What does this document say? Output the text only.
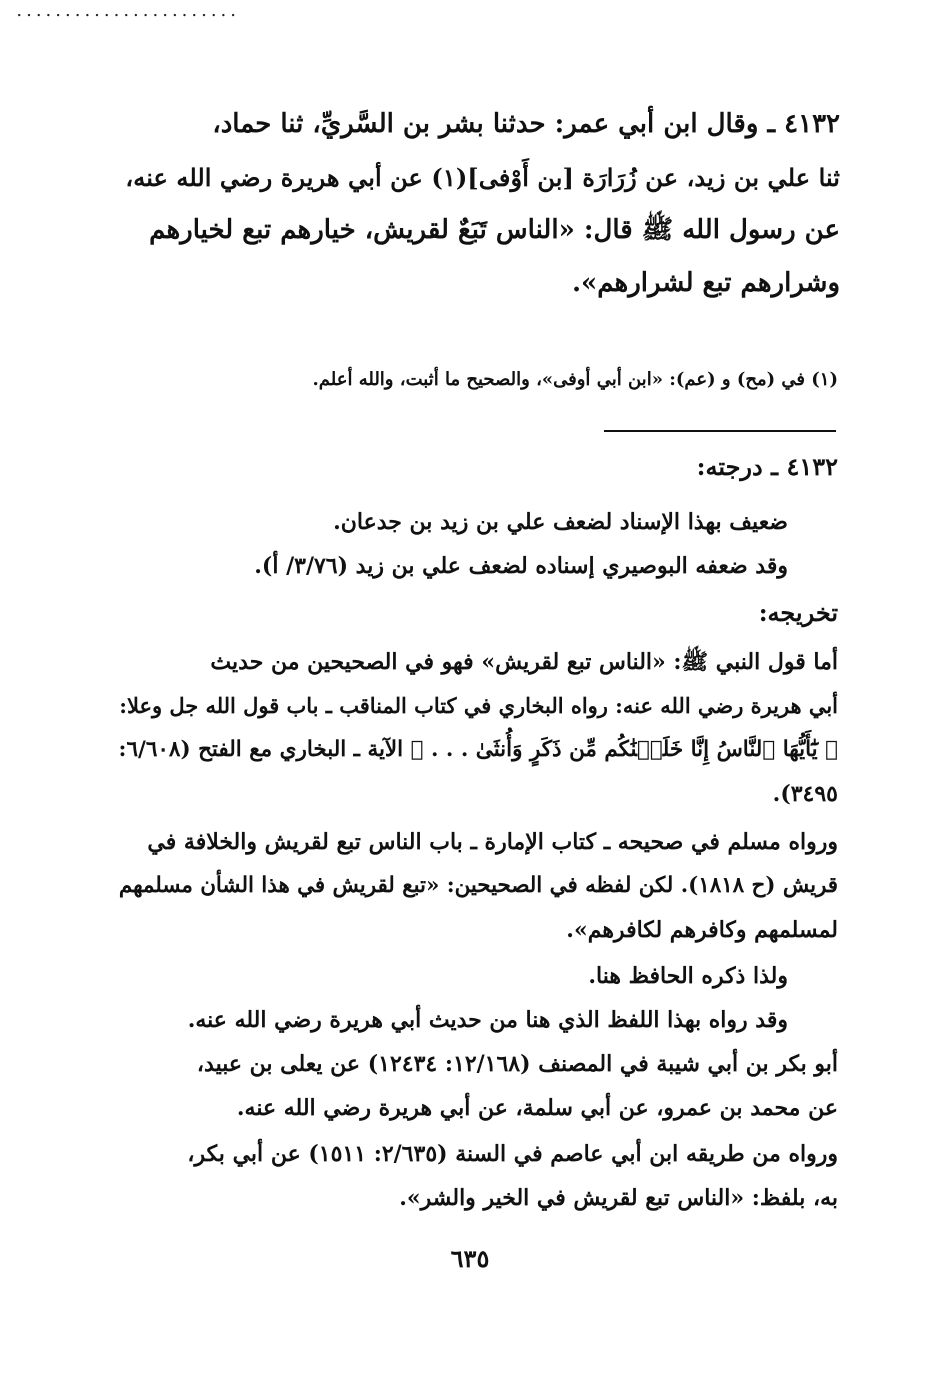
٤١٣٢ ـ وقال ابن أبي عمر: حدثنا بشر بن السَّريِّ، ثنا حماد،
ثنا علي بن زيد، عن زُرَارَة [بن أَوْفى](١) عن أبي هريرة رضي الله عنه،
عن رسول الله ﷺ قال: «الناس تَبَعٌ لقريش، خيارهم تبع لخيارهم
وشرارهم تبع لشرارهم».
.......................
(١) في (مح) و (عم): «ابن أبي أوفى»، والصحيح ما أثبت، والله أعلم.
٤١٣٢ ـ درجته:
ضعيف بهذا الإسناد لضعف علي بن زيد بن جدعان.
وقد ضعفه البوصيري إسناده لضعف علي بن زيد (٣/٧٦/ أ).
تخريجه:
أما قول النبي ﷺ: «الناس تبع لقريش» فهو في الصحيحين من حديث
أبي هريرة رضي الله عنه: رواه البخاري في كتاب المناقب ـ باب قول الله جل وعلا:
﴿ يَٰٓأَيُّهَا ٱلنَّاسُ إِنَّا خَلَقۡنَٰكُم مِّن ذَكَرٍ وَأُنثَىٰ . . . ﴾ الآية ـ البخاري مع الفتح (٦/٦٠٨:
٣٤٩٥).
ورواه مسلم في صحيحه ـ كتاب الإمارة ـ باب الناس تبع لقريش والخلافة في
قريش (ح ١٨١٨). لكن لفظه في الصحيحين: «تبع لقريش في هذا الشأن مسلمهم
لمسلمهم وكافرهم لكافرهم».
ولذا ذكره الحافظ هنا.
وقد رواه بهذا اللفظ الذي هنا من حديث أبي هريرة رضي الله عنه.
أبو بكر بن أبي شيبة في المصنف (١٢/١٦٨: ١٢٤٣٤) عن يعلى بن عبيد،
عن محمد بن عمرو، عن أبي سلمة، عن أبي هريرة رضي الله عنه.
ورواه من طريقه ابن أبي عاصم في السنة (٢/٦٣٥: ١٥١١) عن أبي بكر،
به، بلفظ: «الناس تبع لقريش في الخير والشر».
٦٣٥
